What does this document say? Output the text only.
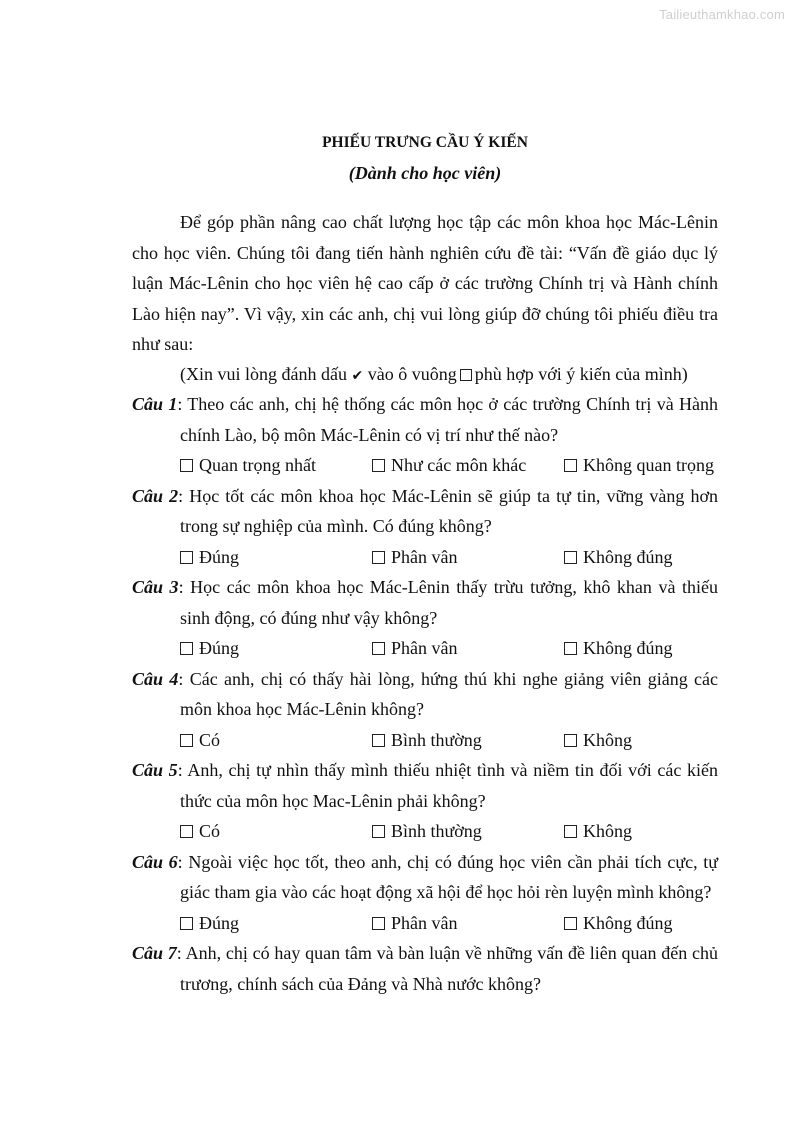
Tailieuthamkhao.com
PHIẾU TRƯNG CẦU Ý KIẾN
(Dành cho học viên)

Để góp phần nâng cao chất lượng học tập các môn khoa học Mác-Lênin cho học viên. Chúng tôi đang tiến hành nghiên cứu đề tài: “Vấn đề giáo dục lý luận Mác-Lênin cho học viên hệ cao cấp ở các trường Chính trị và Hành chính Lào hiện nay”. Vì vậy, xin các anh, chị vui lòng giúp đỡ chúng tôi phiếu điều tra như sau:

(Xin vui lòng đánh dấu ✔ vào ô vuông phù hợp với ý kiến của mình)

Câu 1: Theo các anh, chị hệ thống các môn học ở các trường Chính trị và Hành chính Lào, bộ môn Mác-Lênin có vị trí như thế nào?

Quan trọng nhất	Như các môn khác	Không quan trọng

Câu 2: Học tốt các môn khoa học Mác-Lênin sẽ giúp ta tự tin, vững vàng hơn trong sự nghiệp của mình. Có đúng không?

Đúng	Phân vân	Không đúng

Câu 3: Học các môn khoa học Mác-Lênin thấy trừu tưởng, khô khan và thiếu sinh động, có đúng như vậy không?

Đúng	Phân vân	Không đúng

Câu 4: Các anh, chị có thấy hài lòng, hứng thú khi nghe giảng viên giảng các môn khoa học Mác-Lênin không?

Có	Bình thường	Không

Câu 5: Anh, chị tự nhìn thấy mình thiếu nhiệt tình và niềm tin đối với các kiến thức của môn học Mac-Lênin phải không?

Có	Bình thường	Không

Câu 6: Ngoài việc học tốt, theo anh, chị có đúng học viên cần phải tích cực, tự giác tham gia vào các hoạt động xã hội để học hỏi rèn luyện mình không?

Đúng	Phân vân	Không đúng

Câu 7: Anh, chị có hay quan tâm và bàn luận về những vấn đề liên quan đến chủ trương, chính sách của Đảng và Nhà nước không?
